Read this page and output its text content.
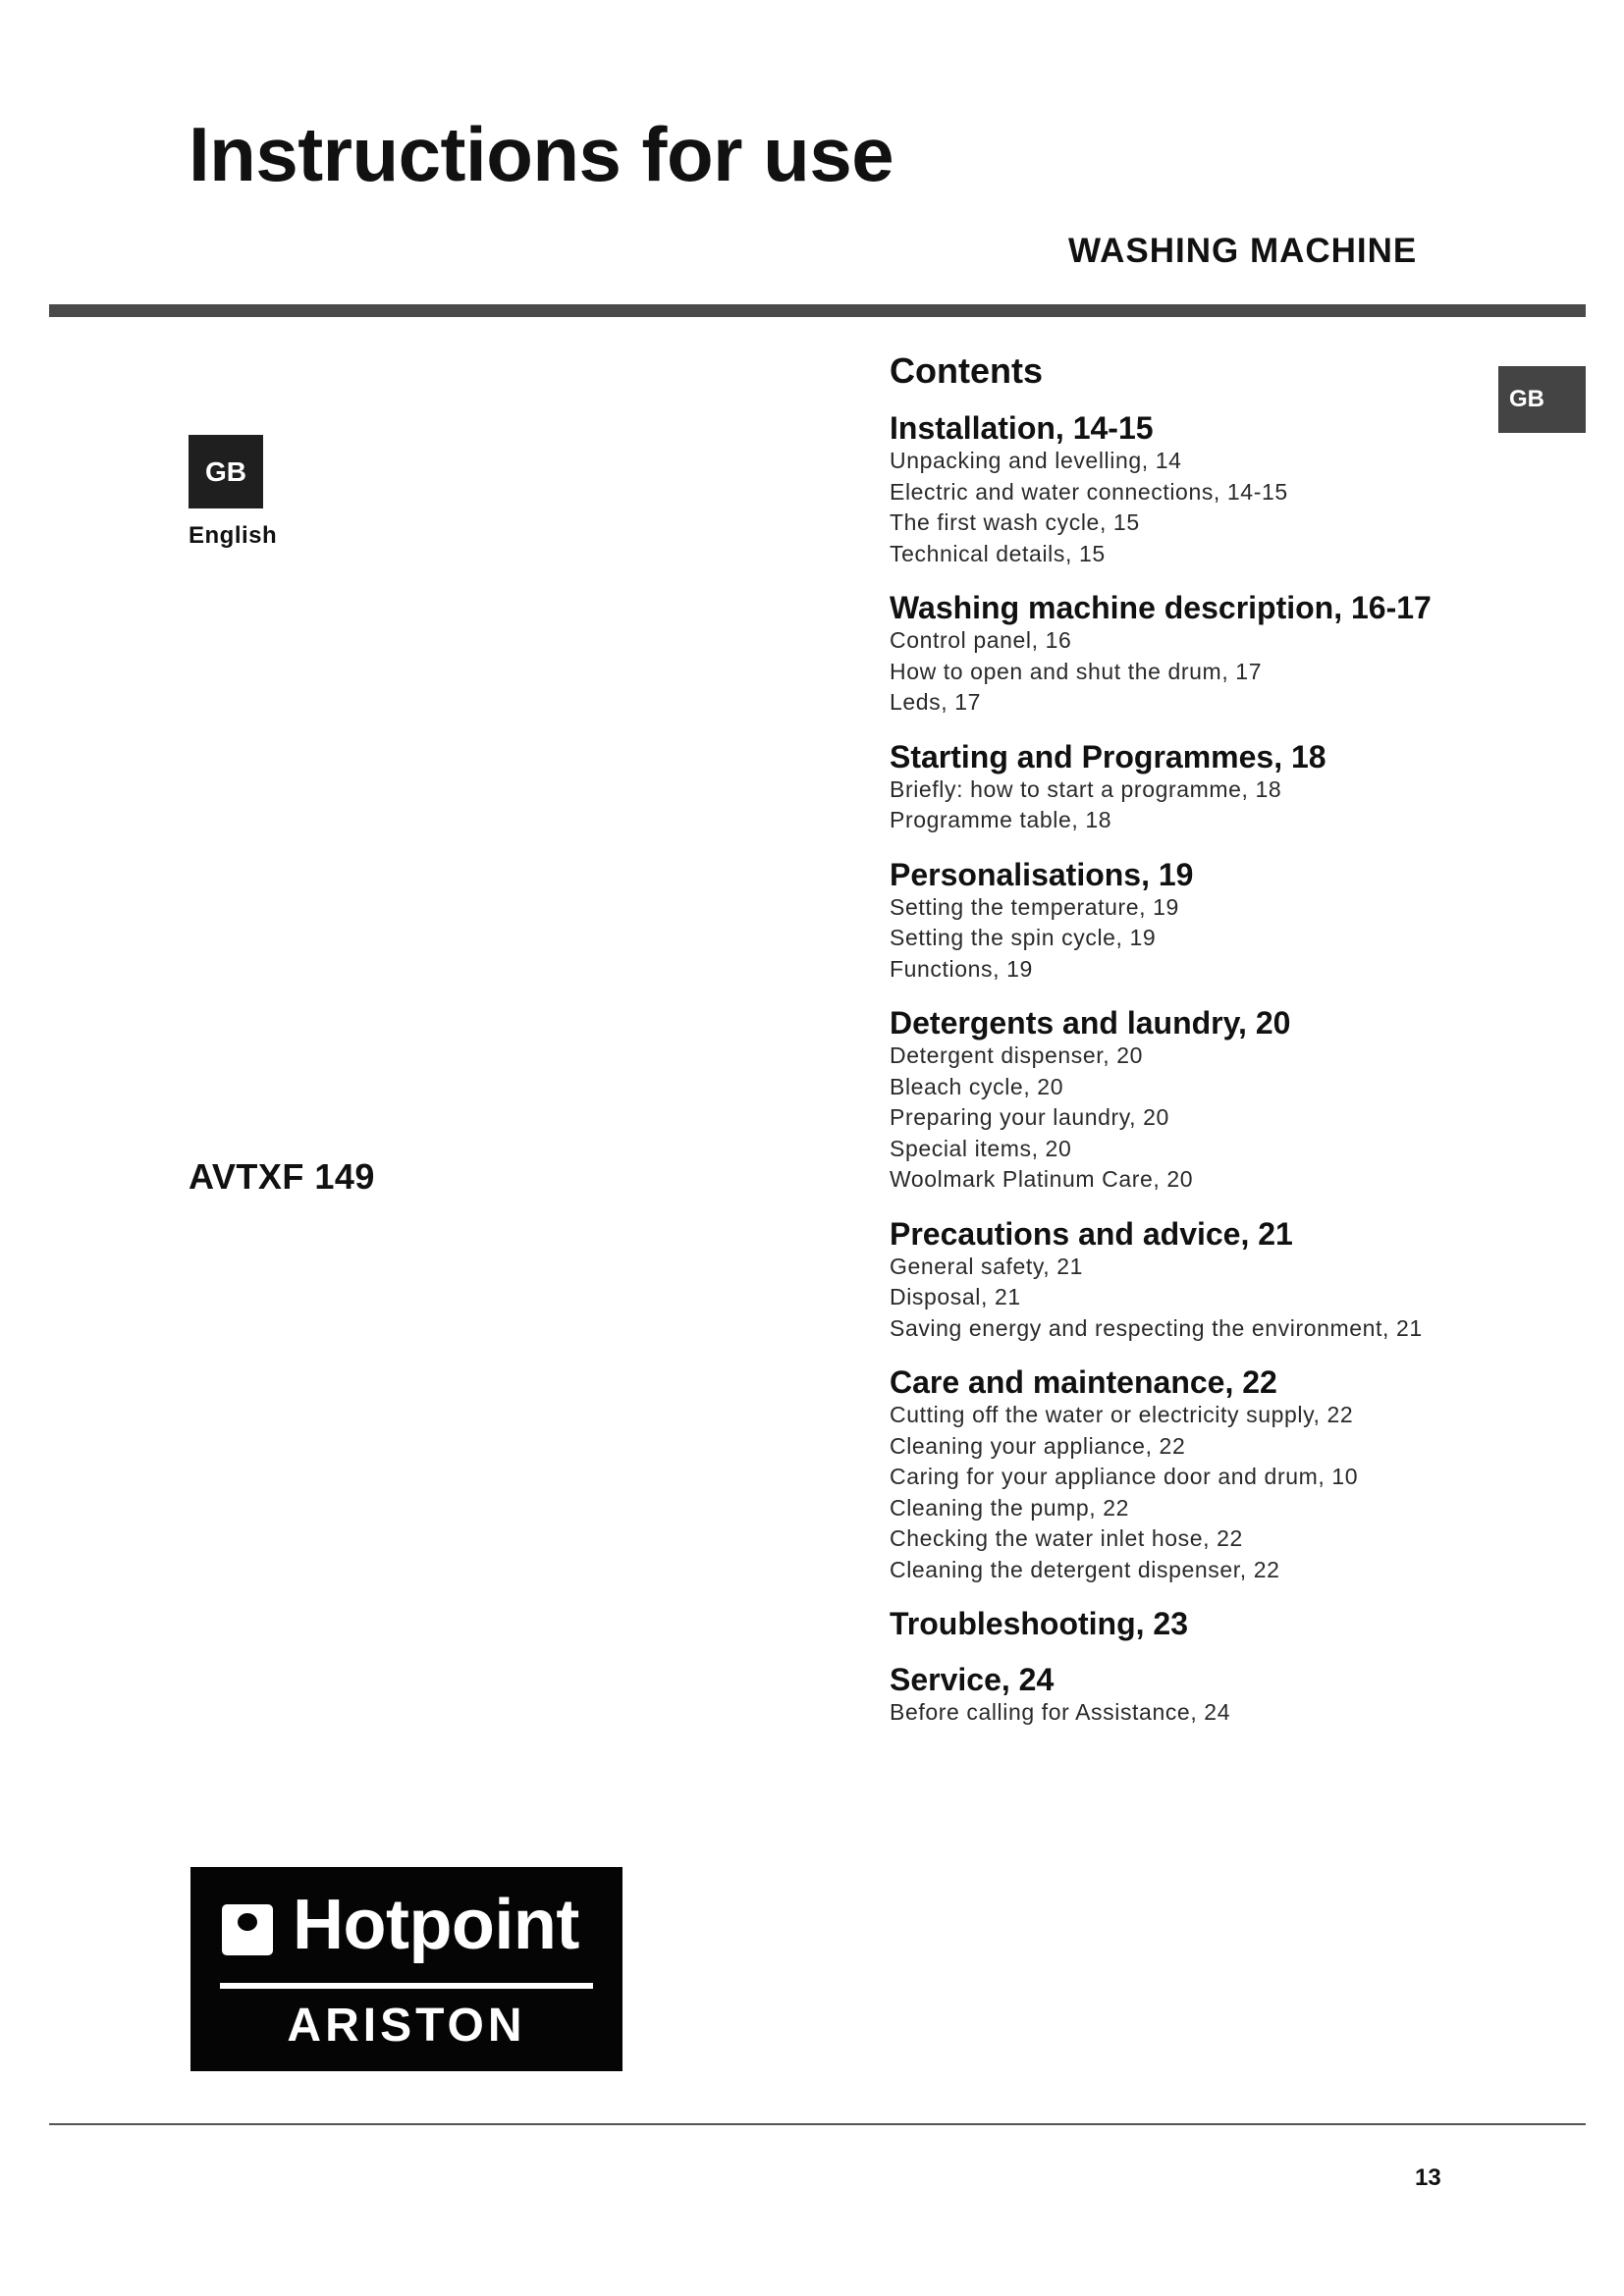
Instructions for use
WASHING MACHINE
GB
GB
English
AVTXF 149
Contents
Installation, 14-15
Unpacking and levelling, 14
Electric and water connections, 14-15
The first wash cycle, 15
Technical details, 15
Washing machine description, 16-17
Control panel, 16
How to open and shut the drum, 17
Leds, 17
Starting and Programmes, 18
Briefly: how to start a programme, 18
Programme table, 18
Personalisations, 19
Setting the temperature, 19
Setting the spin cycle, 19
Functions, 19
Detergents and laundry, 20
Detergent dispenser, 20
Bleach cycle, 20
Preparing your laundry, 20
Special items, 20
Woolmark Platinum Care, 20
Precautions and advice, 21
General safety, 21
Disposal, 21
Saving energy and respecting the environment, 21
Care and maintenance, 22
Cutting off the water or electricity supply, 22
Cleaning your appliance, 22
Caring for your appliance door and drum, 10
Cleaning the pump, 22
Checking the water inlet hose, 22
Cleaning the detergent dispenser, 22
Troubleshooting, 23
Service, 24
Before calling for Assistance, 24
Hotpoint
ARISTON
13
